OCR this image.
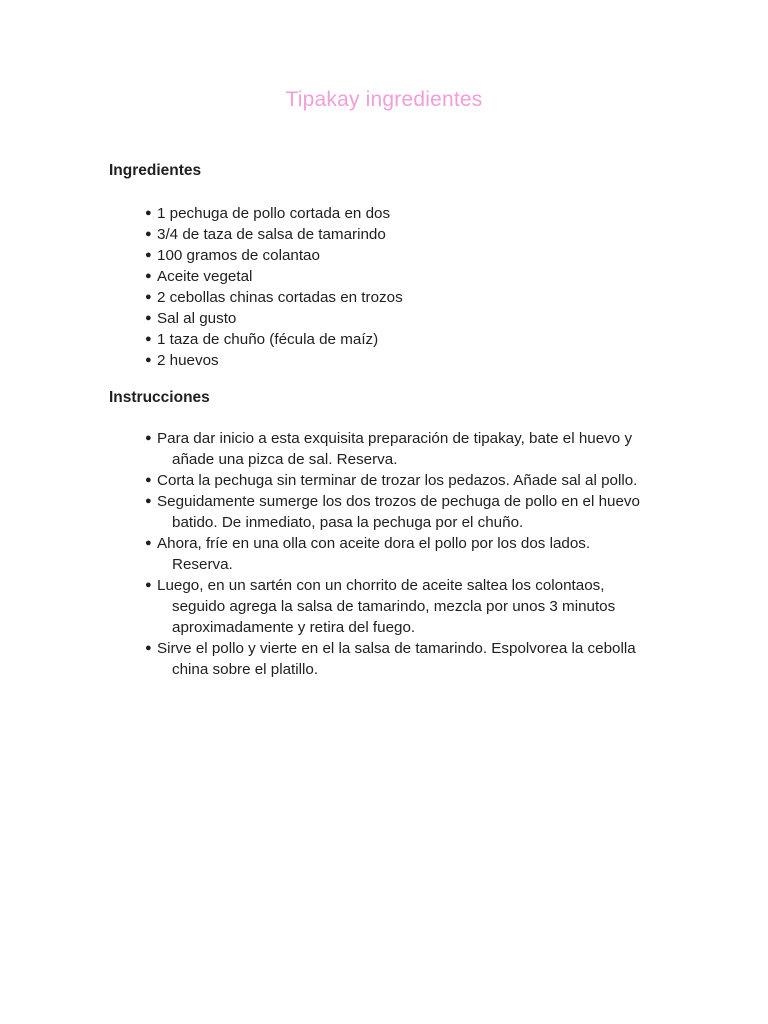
Tipakay ingredientes
Ingredientes
● 1 pechuga de pollo cortada en dos
● 3/4 de taza de salsa de tamarindo
● 100 gramos de colantao
● Aceite vegetal
● 2 cebollas chinas cortadas en trozos
● Sal al gusto
● 1 taza de chuño (fécula de maíz)
● 2 huevos
Instrucciones
● Para dar inicio a esta exquisita preparación de tipakay, bate el huevo y añade una pizca de sal. Reserva.
● Corta la pechuga sin terminar de trozar los pedazos. Añade sal al pollo.
● Seguidamente sumerge los dos trozos de pechuga de pollo en el huevo batido. De inmediato, pasa la pechuga por el chuño.
● Ahora, fríe en una olla con aceite dora el pollo por los dos lados. Reserva.
● Luego, en un sartén con un chorrito de aceite saltea los colontaos, seguido agrega la salsa de tamarindo, mezcla por unos 3 minutos aproximadamente y retira del fuego.
● Sirve el pollo y vierte en el la salsa de tamarindo. Espolvorea la cebolla china sobre el platillo.
